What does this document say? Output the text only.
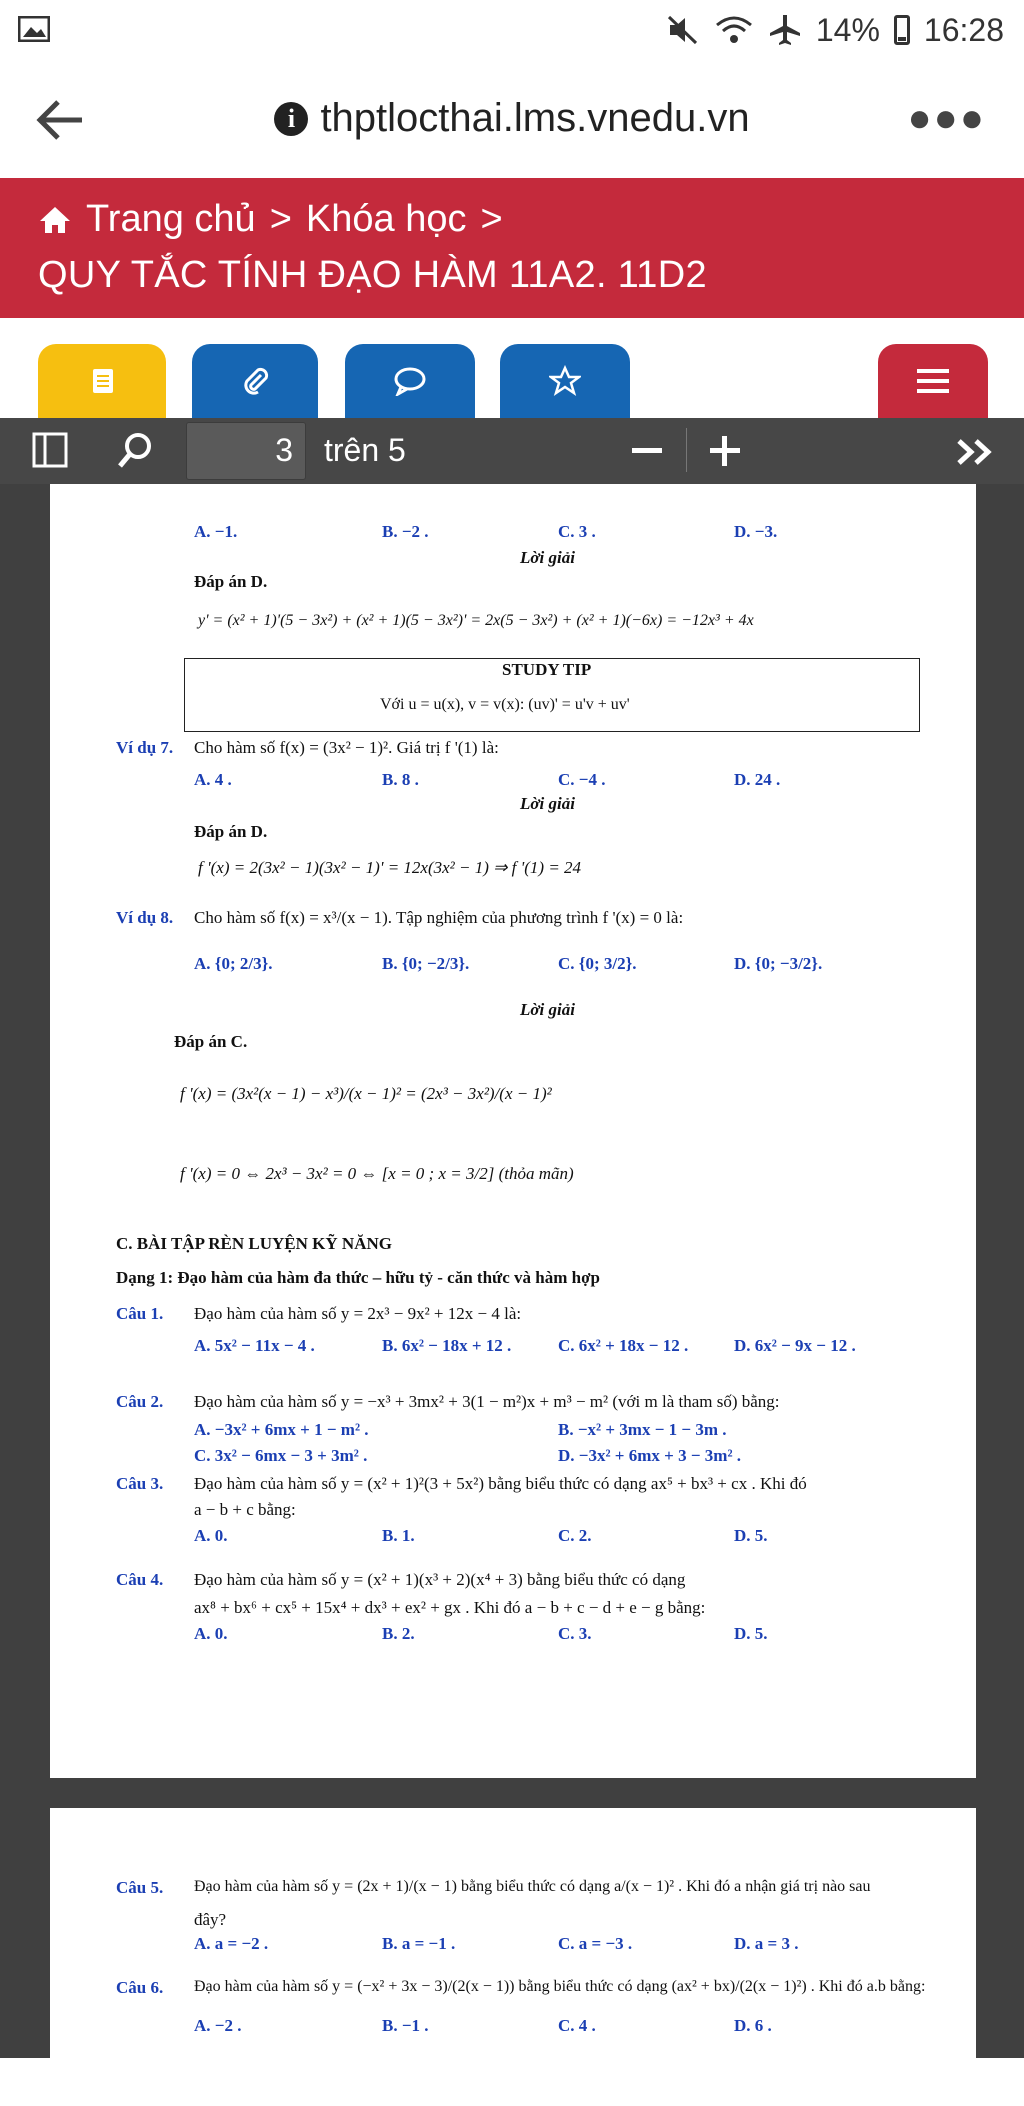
14% 16:28
i thptlocthai.lms.vnedu.vn	●●●
Trang chủ > Khóa học >
QUY TẮC TÍNH ĐẠO HÀM 11A2. 11D2
3 trên 5
A. −1.	B. −2 .	C. 3 .	D. −3.
Lời giải
Đáp án D.
y' = (x² + 1)'(5 − 3x²) + (x² + 1)(5 − 3x²)' = 2x(5 − 3x²) + (x² + 1)(−6x) = −12x³ + 4x
STUDY TIP
Với u = u(x), v = v(x): (uv)' = u'v + uv'
Ví dụ 7. Cho hàm số f(x) = (3x² − 1)². Giá trị f '(1) là:
A. 4 .	B. 8 .	C. −4 .	D. 24 .
Lời giải
Đáp án D.
f '(x) = 2(3x² − 1)(3x² − 1)' = 12x(3x² − 1) ⇒ f '(1) = 24
Ví dụ 8. Cho hàm số f(x) = x³/(x − 1). Tập nghiệm của phương trình f '(x) = 0 là:
A. {0; 2/3}.	B. {0; −2/3}.	C. {0; 3/2}.	D. {0; −3/2}.
Lời giải
Đáp án C.
f '(x) = (3x²(x − 1) − x³)/(x − 1)² = (2x³ − 3x²)/(x − 1)²
f '(x) = 0 ⇔ 2x³ − 3x² = 0 ⇔ [x = 0 ; x = 3/2] (thỏa mãn)
C. BÀI TẬP RÈN LUYỆN KỸ NĂNG
Dạng 1: Đạo hàm của hàm đa thức – hữu tỷ - căn thức và hàm hợp
Câu 1. Đạo hàm của hàm số y = 2x³ − 9x² + 12x − 4 là:
A. 5x² − 11x − 4 .	B. 6x² − 18x + 12 .	C. 6x² + 18x − 12 .	D. 6x² − 9x − 12 .
Câu 2. Đạo hàm của hàm số y = −x³ + 3mx² + 3(1 − m²)x + m³ − m² (với m là tham số) bằng:
A. −3x² + 6mx + 1 − m² .	B. −x² + 3mx − 1 − 3m .
C. 3x² − 6mx − 3 + 3m² .	D. −3x² + 6mx + 3 − 3m² .
Câu 3. Đạo hàm của hàm số y = (x² + 1)²(3 + 5x²) bằng biểu thức có dạng ax⁵ + bx³ + cx . Khi đó
a − b + c bằng:
A. 0.	B. 1.	C. 2.	D. 5.
Câu 4. Đạo hàm của hàm số y = (x² + 1)(x³ + 2)(x⁴ + 3) bằng biểu thức có dạng
ax⁸ + bx⁶ + cx⁵ + 15x⁴ + dx³ + ex² + gx . Khi đó a − b + c − d + e − g bằng:
A. 0.	B. 2.	C. 3.	D. 5.
Câu 5. Đạo hàm của hàm số y = (2x + 1)/(x − 1) bằng biểu thức có dạng a/(x − 1)² . Khi đó a nhận giá trị nào sau
đây?
A. a = −2 .	B. a = −1 .	C. a = −3 .	D. a = 3 .
Câu 6. Đạo hàm của hàm số y = (−x² + 3x − 3)/(2(x − 1)) bằng biểu thức có dạng (ax² + bx)/(2(x − 1)²) . Khi đó a.b bằng:
A. −2 .	B. −1 .	C. 4 .	D. 6 .
